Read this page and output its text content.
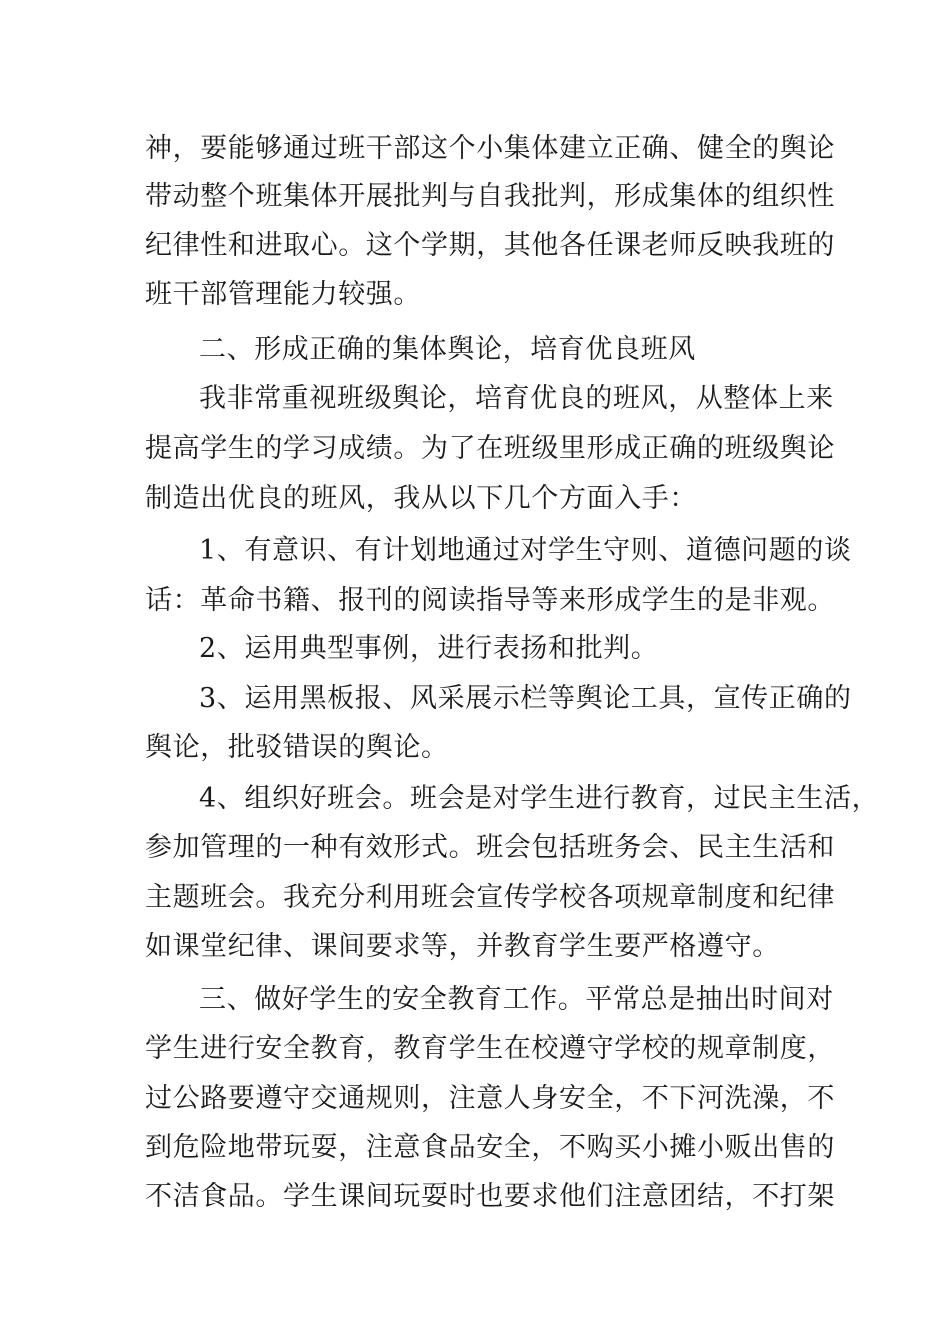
神，要能够通过班干部这个小集体建立正确、健全的舆论

带动整个班集体开展批判与自我批判，形成集体的组织性

纪律性和进取心。这个学期，其他各任课老师反映我班的

班干部管理能力较强。

二、形成正确的集体舆论，培育优良班风

我非常重视班级舆论，培育优良的班风，从整体上来

提高学生的学习成绩。为了在班级里形成正确的班级舆论

制造出优良的班风，我从以下几个方面入手：

1、有意识、有计划地通过对学生守则、道德问题的谈

话：革命书籍、报刊的阅读指导等来形成学生的是非观。

2、运用典型事例，进行表扬和批判。

3、运用黑板报、风采展示栏等舆论工具，宣传正确的

舆论，批驳错误的舆论。

4、组织好班会。班会是对学生进行教育，过民主生活，

参加管理的一种有效形式。班会包括班务会、民主生活和

主题班会。我充分利用班会宣传学校各项规章制度和纪律

如课堂纪律、课间要求等，并教育学生要严格遵守。

三、做好学生的安全教育工作。平常总是抽出时间对

学生进行安全教育，教育学生在校遵守学校的规章制度，

过公路要遵守交通规则，注意人身安全，不下河洗澡，不

到危险地带玩耍，注意食品安全，不购买小摊小贩出售的

不洁食品。学生课间玩耍时也要求他们注意团结，不打架
